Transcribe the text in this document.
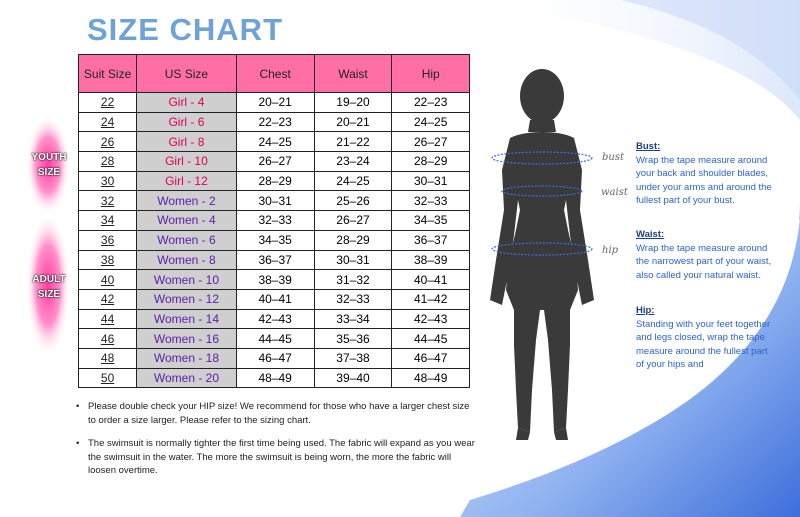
SIZE CHART
YOUTH
SIZE
ADULT
SIZE
Suit Size	US Size	Chest	Waist	Hip
22	Girl - 4	20–21	19–20	22–23
24	Girl - 6	22–23	20–21	24–25
26	Girl - 8	24–25	21–22	26–27
28	Girl - 10	26–27	23–24	28–29
30	Girl - 12	28–29	24–25	30–31
32	Women - 2	30–31	25–26	32–33
34	Women - 4	32–33	26–27	34–35
36	Women - 6	34–35	28–29	36–37
38	Women - 8	36–37	30–31	38–39
40	Women - 10	38–39	31–32	40–41
42	Women - 12	40–41	32–33	41–42
44	Women - 14	42–43	33–34	42–43
46	Women - 16	44–45	35–36	44–45
48	Women - 18	46–47	37–38	46–47
50	Women - 20	48–49	39–40	48–49
• Please double check your HIP size! We recommend for those who have a larger chest size to order a size larger. Please refer to the sizing chart.
• The swimsuit is normally tighter the first time being used. The fabric will expand as you wear the swimsuit in the water. The more the swimsuit is being worn, the more the fabric will loosen overtime.
bust
waist
hip
Bust:
Wrap the tape measure around your back and shoulder blades, under your arms and around the fullest part of your bust.
Waist:
Wrap the tape measure around the narrowest part of your waist, also called your natural waist.
Hip:
Standing with your feet together and legs closed, wrap the tape measure around the fullest part of your hips and
